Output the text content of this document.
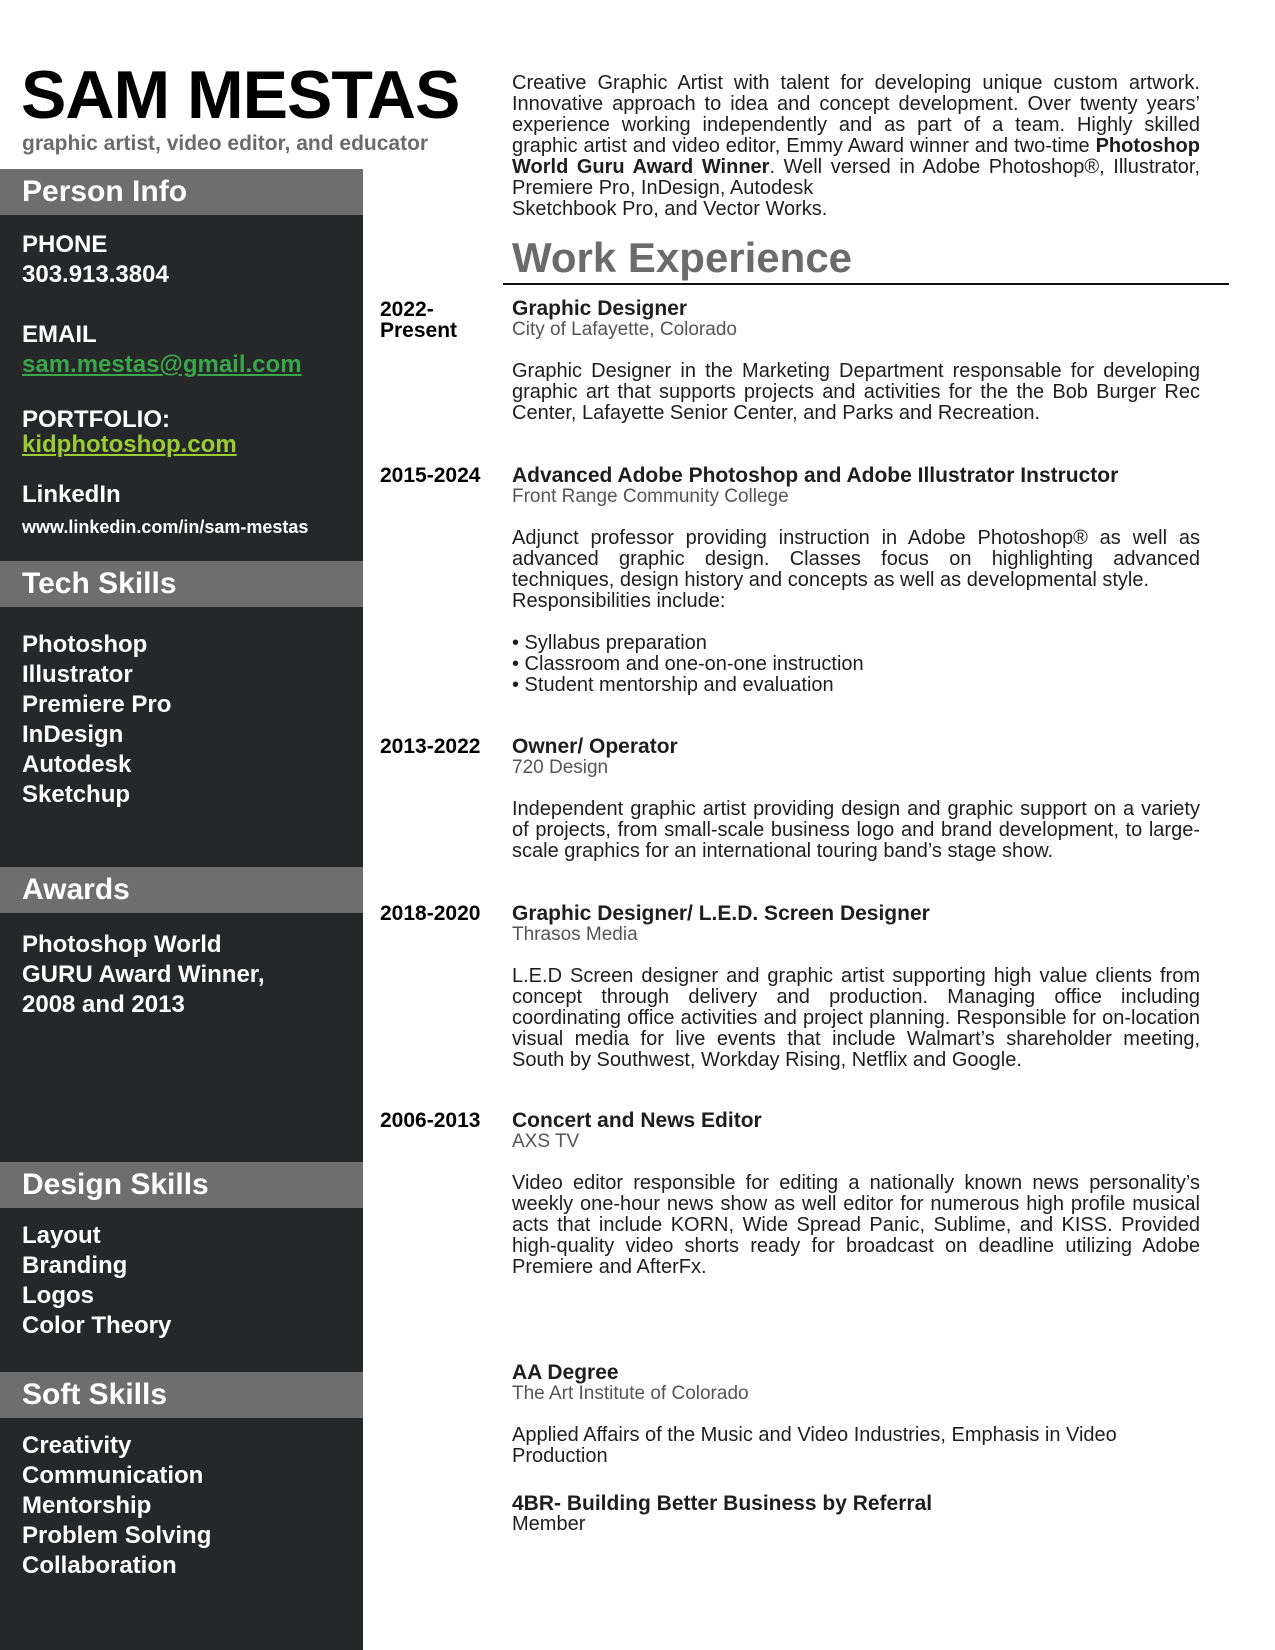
SAM MESTAS
graphic artist, video editor, and educator
Person Info
PHONE
303.913.3804
EMAIL
sam.mestas@gmail.com
PORTFOLIO:
kidphotoshop.com
LinkedIn
www.linkedin.com/in/sam-mestas
Tech Skills
Photoshop
Illustrator
Premiere Pro
InDesign
Autodesk
Sketchup
Awards
Photoshop World
GURU Award Winner,
2008 and 2013
Design Skills
Layout
Branding
Logos
Color Theory
Soft Skills
Creativity
Communication
Mentorship
Problem Solving
Collaboration
Creative Graphic Artist with talent for developing unique custom artwork. Innovative approach to idea and concept development. Over twenty years’ experience working independently and as part of a team. Highly skilled graphic artist and video editor, Emmy Award winner and two-time Photoshop World Guru Award Winner. Well versed in Adobe Photoshop®, Illustrator, Premiere Pro, InDesign, Autodesk
Sketchbook Pro, and Vector Works.
Work Experience
2022-
Present
Graphic Designer
City of Lafayette, Colorado
Graphic Designer in the Marketing Department responsable for developing graphic art that supports projects and activities for the the Bob Burger Rec Center, Lafayette Senior Center, and Parks and Recreation.
2015-2024 Advanced Adobe Photoshop and Adobe Illustrator Instructor
Front Range Community College

Adjunct professor providing instruction in Adobe Photoshop® as well as advanced graphic design. Classes focus on highlighting advanced techniques, design history and concepts as well as developmental style.

Responsibilities include:

• Syllabus preparation
• Classroom and one-on-one instruction
• Student mentorship and evaluation
2013-2022 Owner/ Operator
720 Design
Independent graphic artist providing design and graphic support on a variety of projects, from small-scale business logo and brand development, to large-scale graphics for an international touring band’s stage show.
2018-2020 Graphic Designer/ L.E.D. Screen Designer
Thrasos Media
L.E.D Screen designer and graphic artist supporting high value clients from concept through delivery and production. Managing office including coordinating office activities and project planning. Responsible for on-location visual media for live events that include Walmart’s shareholder meeting, South by Southwest, Workday Rising, Netflix and Google.
2006-2013 Concert and News Editor
AXS TV
Video editor responsible for editing a nationally known news personality’s weekly one-hour news show as well editor for numerous high profile musical acts that include KORN, Wide Spread Panic, Sublime, and KISS. Provided high-quality video shorts ready for broadcast on deadline utilizing Adobe Premiere and AfterFx.
AA Degree
The Art Institute of Colorado
Applied Affairs of the Music and Video Industries, Emphasis in Video Production
4BR- Building Better Business by Referral
Member
